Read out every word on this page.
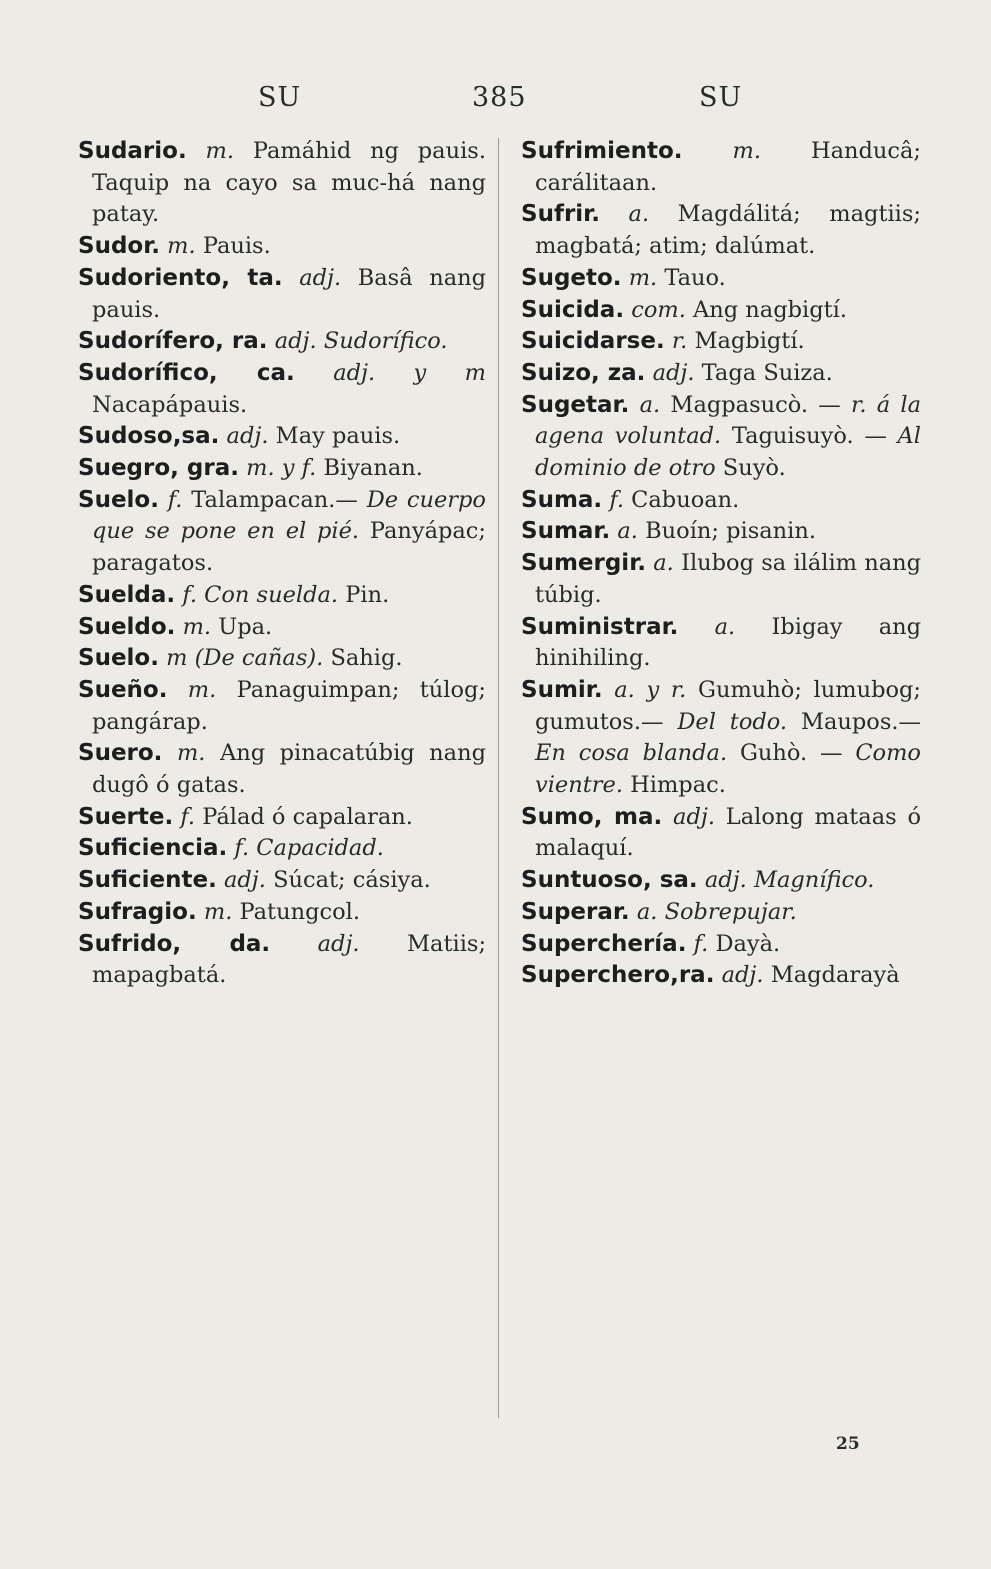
SU	385	SU

Sudario. m. Pamáhid ng pauis. Taquip na cayo sa muc-há nang patay.

Sudor. m. Pauis.

Sudoriento, ta. adj. Basâ nang pauis.

Sudorífero, ra. adj. Sudorífico.

Sudorífico, ca. adj. y m Nacapápauis.

Sudoso,sa. adj. May pauis.

Suegro, gra. m. y f. Biyanan.

Suelo. f. Talampacan.— De cuerpo que se pone en el pié. Panyápac; paragatos.

Suelda. f. Con suelda. Pin.

Sueldo. m. Upa.

Suelo. m (De cañas). Sahig.

Sueño. m. Panaguimpan; túlog; pangárap.

Suero. m. Ang pinacatúbig nang dugô ó gatas.

Suerte. f. Pálad ó capalaran.

Suficiencia. f. Capacidad.

Suficiente. adj. Súcat; cásiya.

Sufragio. m. Patungcol.

Sufrido, da. adj. Matiis; mapagbatá.

Sufrimiento. m. Handucâ; carálitaan.

Sufrir. a. Magdálitá; magtiis; magbatá; atim; dalúmat.

Sugeto. m. Tauo.

Suicida. com. Ang nagbigtí.

Suicidarse. r. Magbigtí.

Suizo, za. adj. Taga Suiza.

Sugetar. a. Magpasucò. — r. á la agena voluntad. Taguisuyò. — Al dominio de otro Suyò.

Suma. f. Cabuoan.

Sumar. a. Buoín; pisanin.

Sumergir. a. Ilubog sa ilálim nang túbig.

Suministrar. a. Ibigay ang hinihiling.

Sumir. a. y r. Gumuhò; lumubog; gumutos.— Del todo. Maupos.— En cosa blanda. Guhò. — Como vientre. Himpac.

Sumo, ma. adj. Lalong mataas ó malaquí.

Suntuoso, sa. adj. Magnífico.

Superar. a. Sobrepujar.

Superchería. f. Dayà.

Superchero,ra. adj. Magdarayà

25
